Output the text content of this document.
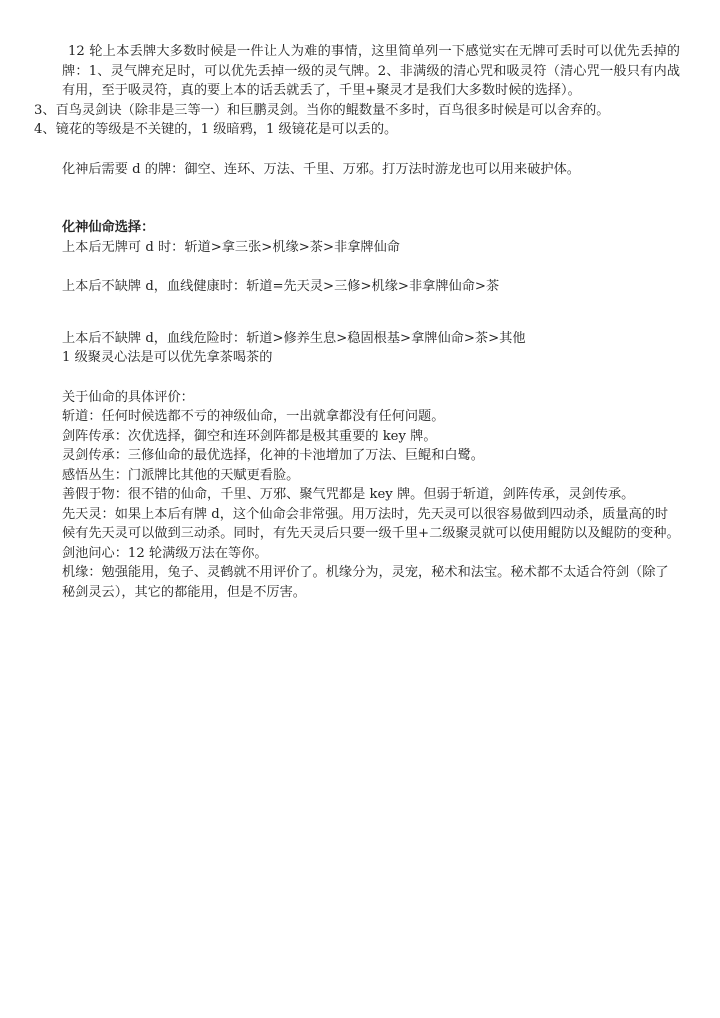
12 轮上本丢牌大多数时候是一件让人为难的事情，这里简单列一下感觉实在无牌可丢时可以优先丢掉的牌：1、灵气牌充足时，可以优先丢掉一级的灵气牌。2、非满级的清心咒和吸灵符（清心咒一般只有内战有用，至于吸灵符，真的要上本的话丢就丢了，千里+聚灵才是我们大多数时候的选择）。

3、百鸟灵剑诀（除非是三等一）和巨鹏灵剑。当你的鲲数量不多时，百鸟很多时候是可以舍弃的。

4、镜花的等级是不关键的，1 级暗鸦，1 级镜花是可以丢的。

化神后需要 d 的牌：御空、连环、万法、千里、万邪。打万法时游龙也可以用来破护体。

化神仙命选择：

上本后无牌可 d 时：斩道>拿三张>机缘>茶>非拿牌仙命

上本后不缺牌 d，血线健康时：斩道=先天灵>三修>机缘>非拿牌仙命>茶

上本后不缺牌 d，血线危险时：斩道>修养生息>稳固根基>拿牌仙命>茶>其他

1 级聚灵心法是可以优先拿茶喝茶的

关于仙命的具体评价：

斩道：任何时候选都不亏的神级仙命，一出就拿都没有任何问题。

剑阵传承：次优选择，御空和连环剑阵都是极其重要的 key 牌。

灵剑传承：三修仙命的最优选择，化神的卡池增加了万法、巨鲲和白鹭。

感悟丛生：门派牌比其他的天赋更看脸。

善假于物：很不错的仙命，千里、万邪、聚气咒都是 key 牌。但弱于斩道，剑阵传承，灵剑传承。

先天灵：如果上本后有牌 d，这个仙命会非常强。用万法时，先天灵可以很容易做到四动杀，质量高的时候有先天灵可以做到三动杀。同时，有先天灵后只要一级千里+二级聚灵就可以使用鲲防以及鲲防的变种。

剑池问心：12 轮满级万法在等你。

机缘：勉强能用，兔子、灵鹤就不用评价了。机缘分为，灵宠，秘术和法宝。秘术都不太适合符剑（除了秘剑灵云），其它的都能用，但是不厉害。
